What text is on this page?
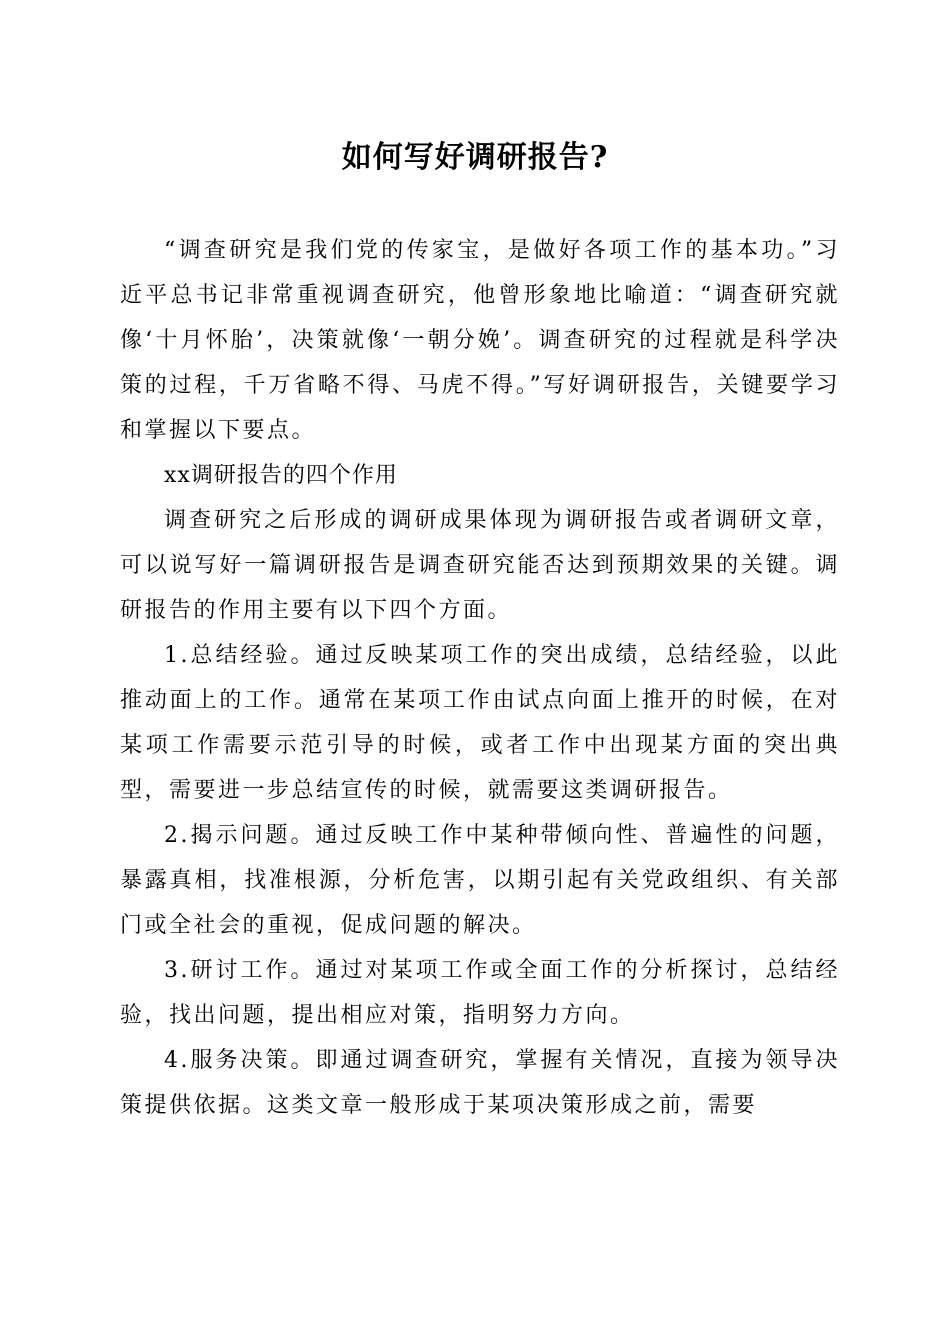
如何写好调研报告?

“调查研究是我们党的传家宝，是做好各项工作的基本功。”习近平总书记非常重视调查研究，他曾形象地比喻道：“调查研究就像‘十月怀胎’，决策就像‘一朝分娩’。调查研究的过程就是科学决策的过程，千万省略不得、马虎不得。”写好调研报告，关键要学习和掌握以下要点。

xx调研报告的四个作用

调查研究之后形成的调研成果体现为调研报告或者调研文章，可以说写好一篇调研报告是调查研究能否达到预期效果的关键。调研报告的作用主要有以下四个方面。

1.总结经验。通过反映某项工作的突出成绩，总结经验，以此推动面上的工作。通常在某项工作由试点向面上推开的时候，在对某项工作需要示范引导的时候，或者工作中出现某方面的突出典型，需要进一步总结宣传的时候，就需要这类调研报告。

2.揭示问题。通过反映工作中某种带倾向性、普遍性的问题，暴露真相，找准根源，分析危害，以期引起有关党政组织、有关部门或全社会的重视，促成问题的解决。

3.研讨工作。通过对某项工作或全面工作的分析探讨，总结经验，找出问题，提出相应对策，指明努力方向。

4.服务决策。即通过调查研究，掌握有关情况，直接为领导决策提供依据。这类文章一般形成于某项决策形成之前，需要
